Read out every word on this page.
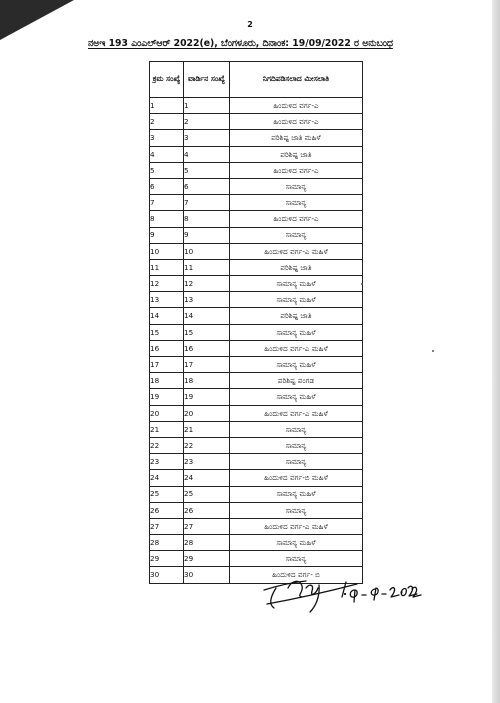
2
ನಅಇ 193 ಎಂಎಲ್ಆರ್ 2022(e), ಬೆಂಗಳೂರು, ದಿನಾಂಕ: 19/09/2022 ರ ಅನುಬಂಧ
ಕ್ರಮ ಸಂಖ್ಯೆ	ವಾರ್ಡಿನ ಸಂಖ್ಯೆ	ನಿಗದಿಪಡಿಸಲಾದ ಮೀಸಲಾತಿ
1	1	ಹಿಂದುಳಿದ ವರ್ಗ-ಎ
2	2	ಹಿಂದುಳಿದ ವರ್ಗ-ಎ
3	3	ಪರಿಶಿಷ್ಟ ಜಾತಿ ಮಹಿಳೆ
4	4	ಪರಿಶಿಷ್ಟ ಜಾತಿ
5	5	ಹಿಂದುಳಿದ ವರ್ಗ-ಎ
6	6	ಸಾಮಾನ್ಯ
7	7	ಸಾಮಾನ್ಯ
8	8	ಹಿಂದುಳಿದ ವರ್ಗ-ಎ
9	9	ಸಾಮಾನ್ಯ
10	10	ಹಿಂದುಳಿದ ವರ್ಗ-ಎ ಮಹಿಳೆ
11	11	ಪರಿಶಿಷ್ಟ ಜಾತಿ
12	12	ಸಾಮಾನ್ಯ ಮಹಿಳೆ
13	13	ಸಾಮಾನ್ಯ ಮಹಿಳೆ
14	14	ಪರಿಶಿಷ್ಟ ಜಾತಿ
15	15	ಸಾಮಾನ್ಯ ಮಹಿಳೆ
16	16	ಹಿಂದುಳಿದ ವರ್ಗ-ಎ ಮಹಿಳೆ
17	17	ಸಾಮಾನ್ಯ ಮಹಿಳೆ
18	18	ಪರಿಶಿಷ್ಟ ಪಂಗಡ
19	19	ಸಾಮಾನ್ಯ ಮಹಿಳೆ
20	20	ಹಿಂದುಳಿದ ವರ್ಗ-ಎ ಮಹಿಳೆ
21	21	ಸಾಮಾನ್ಯ
22	22	ಸಾಮಾನ್ಯ
23	23	ಸಾಮಾನ್ಯ
24	24	ಹಿಂದುಳಿದ ವರ್ಗ-ಬಿ ಮಹಿಳೆ
25	25	ಸಾಮಾನ್ಯ ಮಹಿಳೆ
26	26	ಸಾಮಾನ್ಯ
27	27	ಹಿಂದುಳಿದ ವರ್ಗ-ಎ ಮಹಿಳೆ
28	28	ಸಾಮಾನ್ಯ ಮಹಿಳೆ
29	29	ಸಾಮಾನ್ಯ
30	30	ಹಿಂದುಳಿದ ವರ್ಗ- ಬಿ
